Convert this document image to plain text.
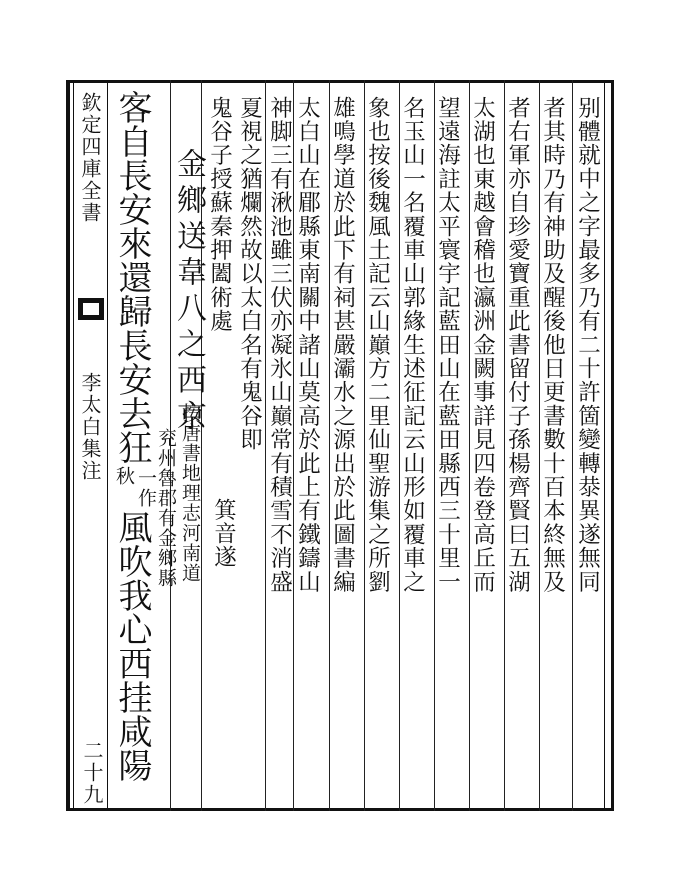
欽定四庫全書
李太白集注
二十九
别體就中之字最多乃有二十許箇變轉㳟異遂無同
者其時乃有神助及醒後他日更書數十百本終無及
者右軍亦自珍愛寶重此書留付子孫楊齊賢曰五湖
太湖也東越會稽也瀛洲金闕事詳見四卷登高丘而
望遠海註太平寰宇記藍田山在藍田縣西三十里一
名玉山一名覆車山郭緣生述征記云山形如覆車之
象也按後魏風土記云山巔方二里仙聖游集之所劉
雄鳴學道於此下有祠甚嚴灞水之源出於此圖書編
太白山在郿縣東南關中諸山莫高於此上有鐵鑄山
神脚三有湫池雖三伏亦凝氷山巔常有積雪不消盛
夏視之猶爛然故以太白名有鬼谷即
鬼谷子授蘇秦押闔術處
箕音遂
金鄉送韋八之西京
按唐書地理志河南道
兖州魯郡有金鄉縣
客自長安來還歸長安去狂
一作
秋
風吹我心西挂咸陽
